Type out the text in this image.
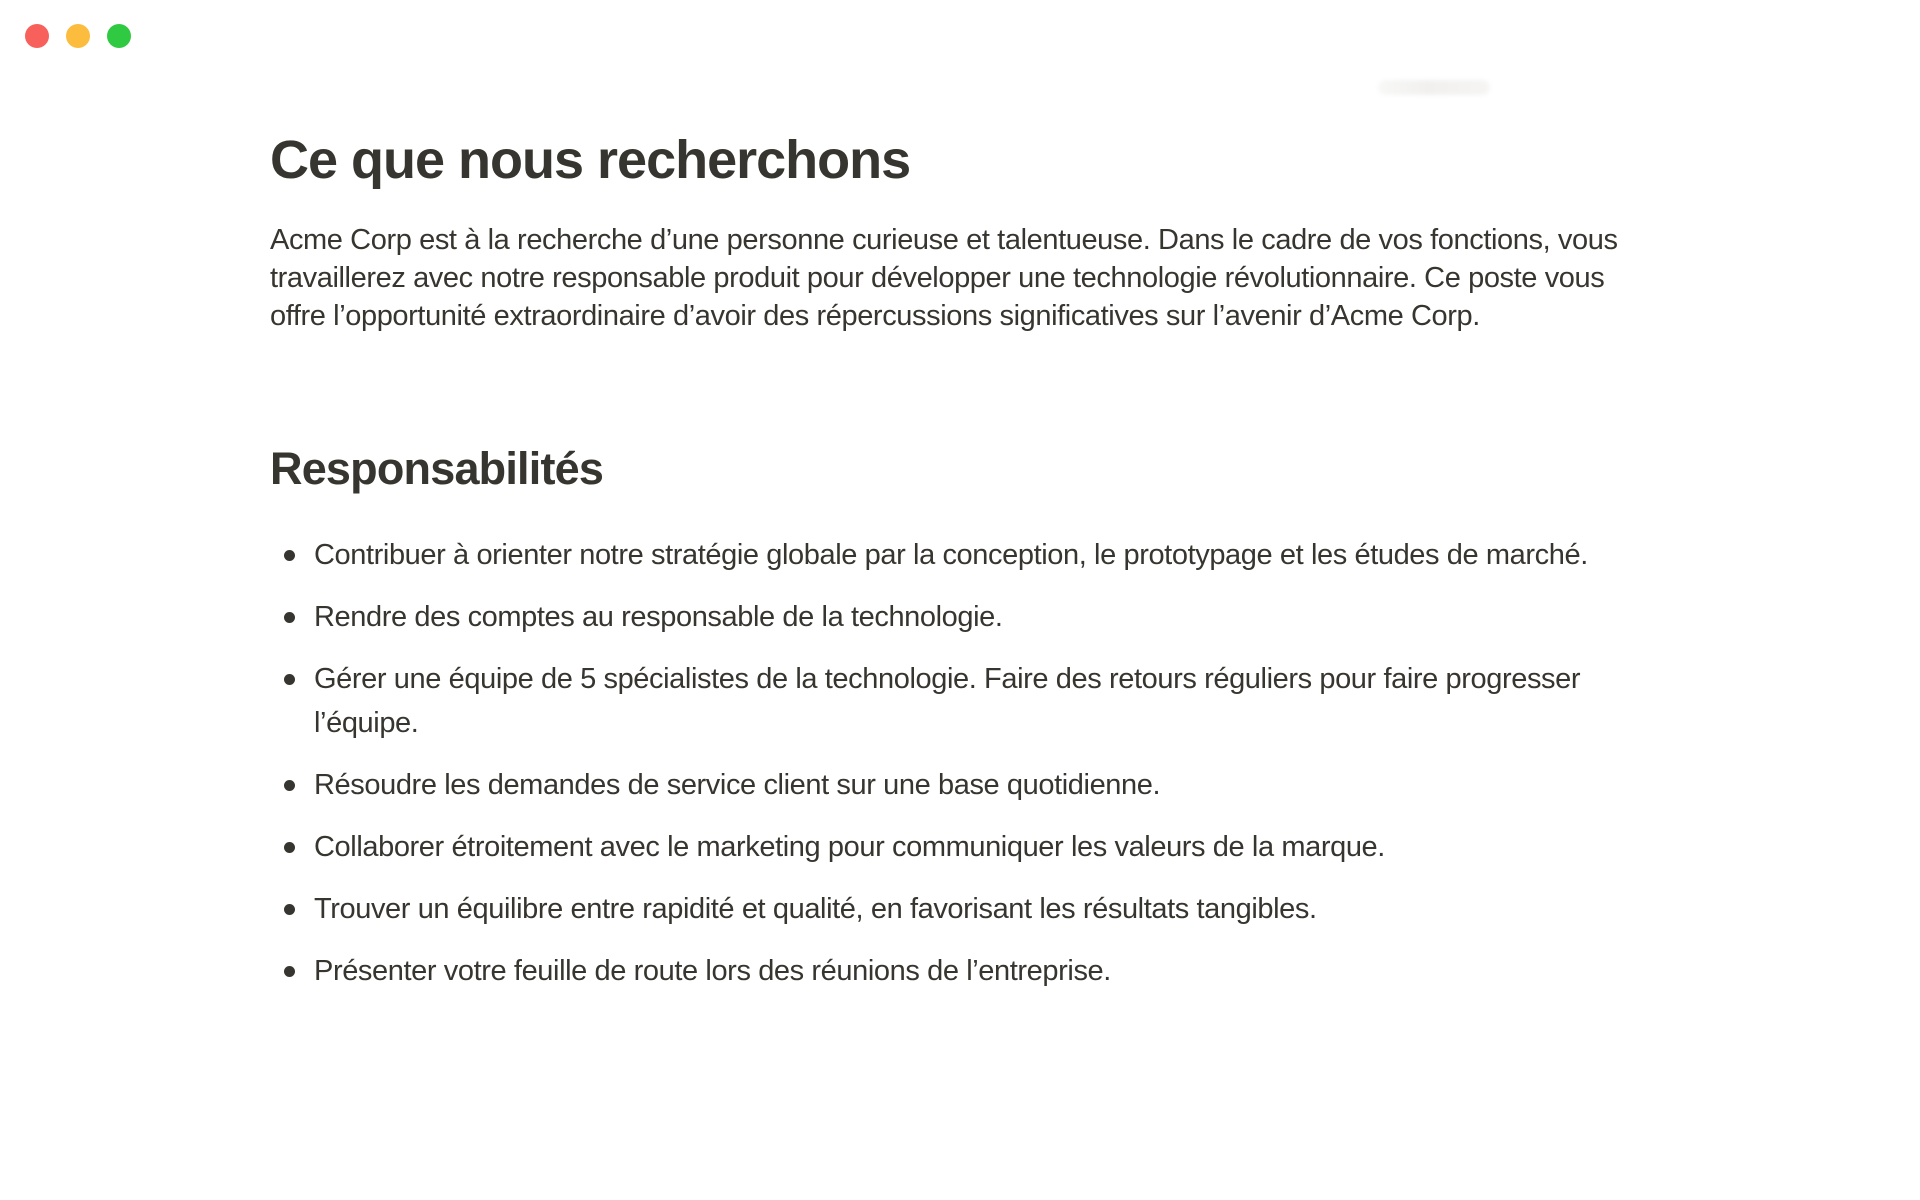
Ce que nous recherchons

Acme Corp est à la recherche d’une personne curieuse et talentueuse. Dans le cadre de vos fonctions, vous travaillerez avec notre responsable produit pour développer une technologie révolutionnaire. Ce poste vous offre l’opportunité extraordinaire d’avoir des répercussions significatives sur l’avenir d’Acme Corp.

Responsabilités
Contribuer à orienter notre stratégie globale par la conception, le prototypage et les études de marché.
Rendre des comptes au responsable de la technologie.
Gérer une équipe de 5 spécialistes de la technologie. Faire des retours réguliers pour faire progresser l’équipe.
Résoudre les demandes de service client sur une base quotidienne.
Collaborer étroitement avec le marketing pour communiquer les valeurs de la marque.
Trouver un équilibre entre rapidité et qualité, en favorisant les résultats tangibles.
Présenter votre feuille de route lors des réunions de l’entreprise.
